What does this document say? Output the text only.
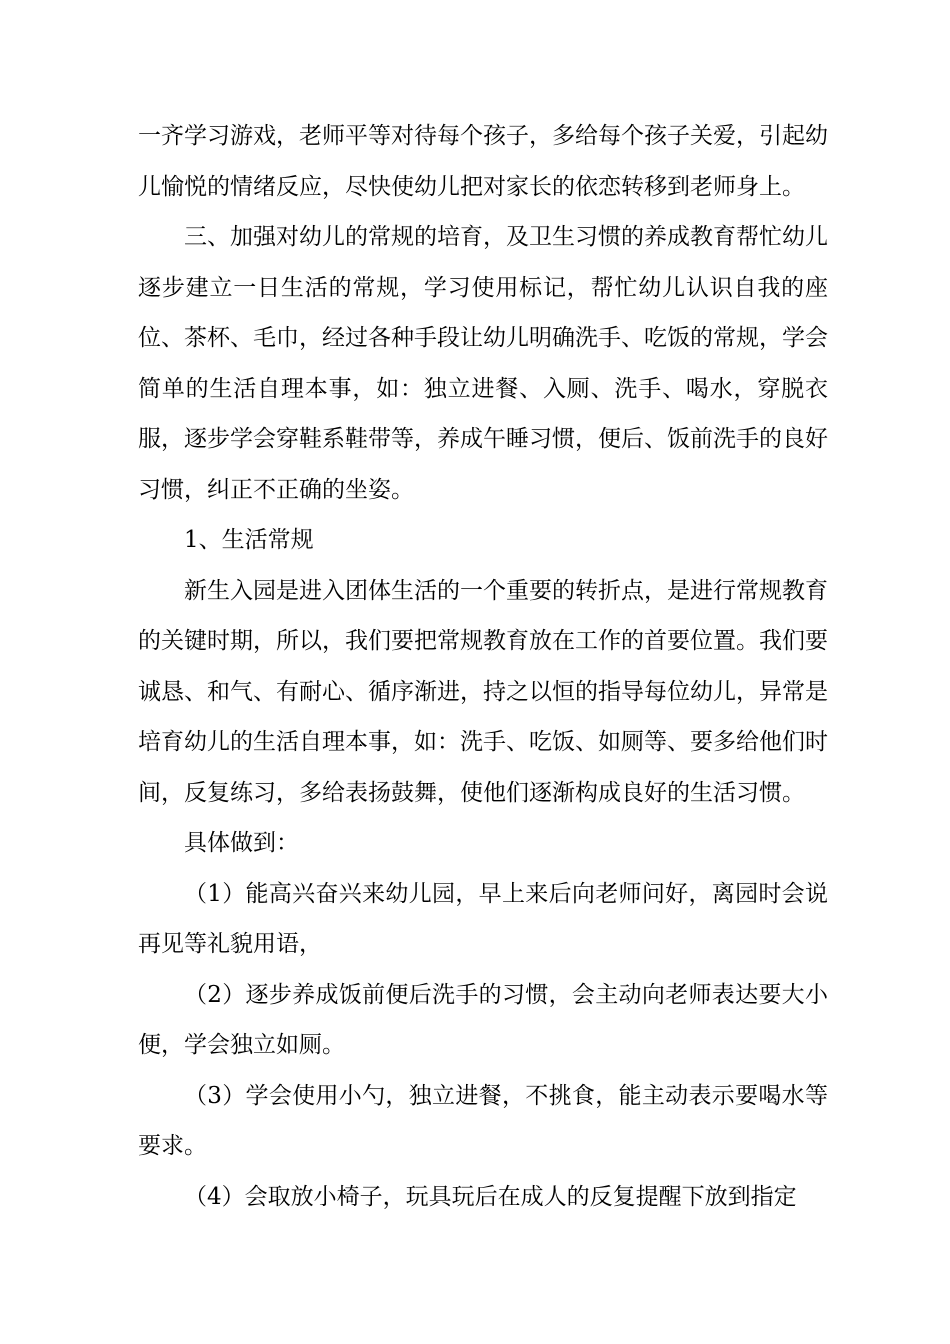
一齐学习游戏，老师平等对待每个孩子，多给每个孩子关爱，引起幼儿愉悦的情绪反应，尽快使幼儿把对家长的依恋转移到老师身上。

三、加强对幼儿的常规的培育，及卫生习惯的养成教育帮忙幼儿逐步建立一日生活的常规，学习使用标记，帮忙幼儿认识自我的座位、茶杯、毛巾，经过各种手段让幼儿明确洗手、吃饭的常规，学会简单的生活自理本事，如：独立进餐、入厕、洗手、喝水，穿脱衣服，逐步学会穿鞋系鞋带等，养成午睡习惯，便后、饭前洗手的良好习惯，纠正不正确的坐姿。

1、生活常规

新生入园是进入团体生活的一个重要的转折点，是进行常规教育的关键时期，所以，我们要把常规教育放在工作的首要位置。我们要诚恳、和气、有耐心、循序渐进，持之以恒的指导每位幼儿，异常是培育幼儿的生活自理本事，如：洗手、吃饭、如厕等、要多给他们时间，反复练习，多给表扬鼓舞，使他们逐渐构成良好的生活习惯。

具体做到：

（1）能高兴奋兴来幼儿园，早上来后向老师问好，离园时会说再见等礼貌用语，

（2）逐步养成饭前便后洗手的习惯，会主动向老师表达要大小便，学会独立如厕。

（3）学会使用小勺，独立进餐，不挑食，能主动表示要喝水等要求。

（4）会取放小椅子，玩具玩后在成人的反复提醒下放到指定
